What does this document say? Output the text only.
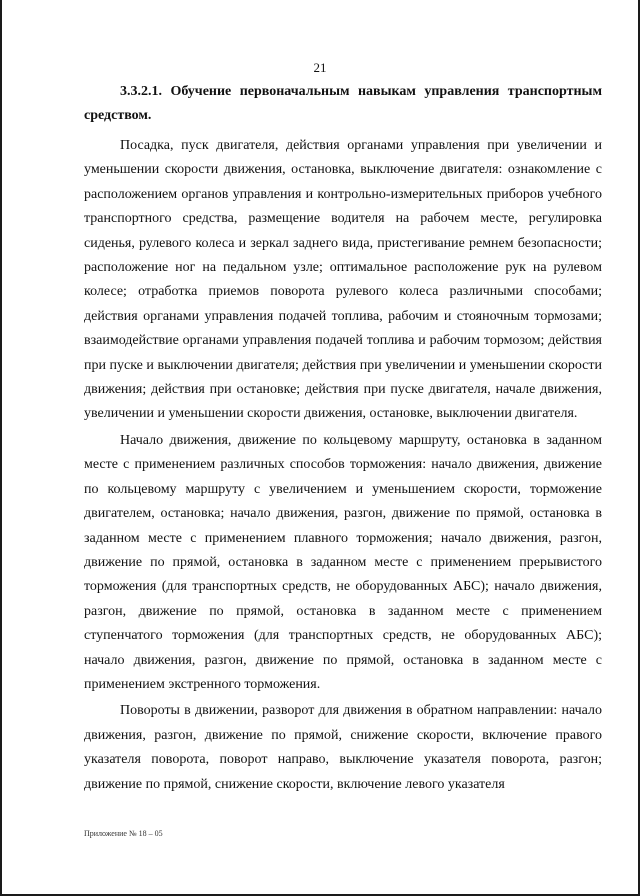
21

3.3.2.1. Обучение первоначальным навыкам управления транспортным средством.

Посадка, пуск двигателя, действия органами управления при увеличении и уменьшении скорости движения, остановка, выключение двигателя: ознакомление с расположением органов управления и контрольно-измерительных приборов учебного транспортного средства, размещение водителя на рабочем месте, регулировка сиденья, рулевого колеса и зеркал заднего вида, пристегивание ремнем безопасности; расположение ног на педальном узле; оптимальное расположение рук на рулевом колесе; отработка приемов поворота рулевого колеса различными способами; действия органами управления подачей топлива, рабочим и стояночным тормозами; взаимодействие органами управления подачей топлива и рабочим тормозом; действия при пуске и выключении двигателя; действия при увеличении и уменьшении скорости движения; действия при остановке; действия при пуске двигателя, начале движения, увеличении и уменьшении скорости движения, остановке, выключении двигателя.

Начало движения, движение по кольцевому маршруту, остановка в заданном месте с применением различных способов торможения: начало движения, движение по кольцевому маршруту с увеличением и уменьшением скорости, торможение двигателем, остановка; начало движения, разгон, движение по прямой, остановка в заданном месте с применением плавного торможения; начало движения, разгон, движение по прямой, остановка в заданном месте с применением прерывистого торможения (для транспортных средств, не оборудованных АБС); начало движения, разгон, движение по прямой, остановка в заданном месте с применением ступенчатого торможения (для транспортных средств, не оборудованных АБС); начало движения, разгон, движение по прямой, остановка в заданном месте с применением экстренного торможения.

Повороты в движении, разворот для движения в обратном направлении: начало движения, разгон, движение по прямой, снижение скорости, включение правого указателя поворота, поворот направо, выключение указателя поворота, разгон; движение по прямой, снижение скорости, включение левого указателя

Приложение № 18 – 05
